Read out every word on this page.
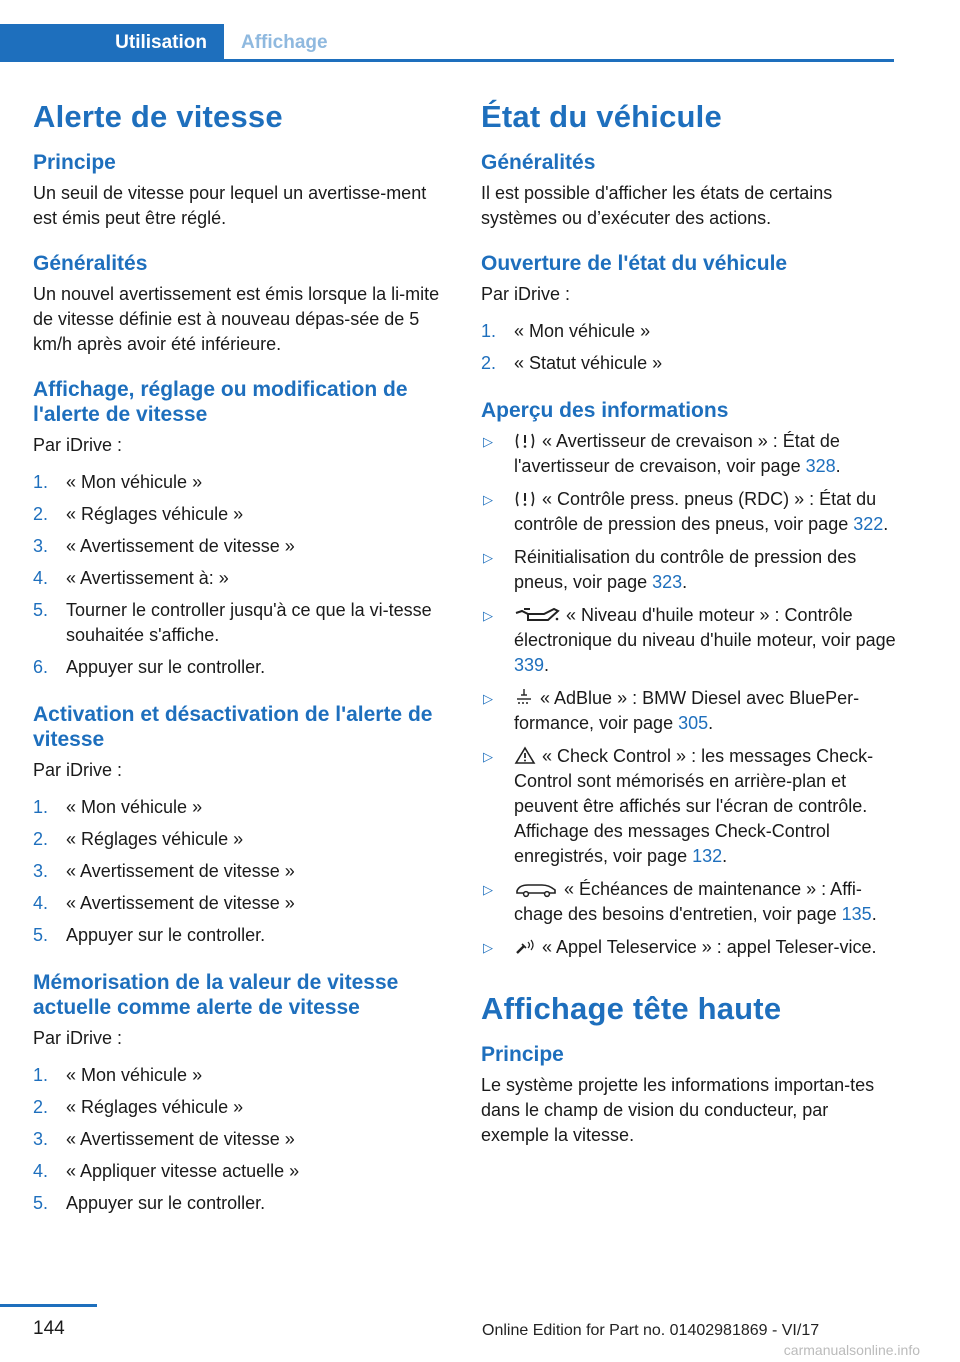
Utilisation	Affichage
Alerte de vitesse
Principe

Un seuil de vitesse pour lequel un avertisse‐ment est émis peut être réglé.

Généralités

Un nouvel avertissement est émis lorsque la li‐mite de vitesse définie est à nouveau dépas‐sée de 5 km/h après avoir été inférieure.

Affichage, réglage ou modification de l'alerte de vitesse

Par iDrive :

1. « Mon véhicule »
2. « Réglages véhicule »
3. « Avertissement de vitesse »
4. « Avertissement à: »
5. Tourner le controller jusqu'à ce que la vi‐tesse souhaitée s'affiche.
6. Appuyer sur le controller.
Activation et désactivation de l'alerte de vitesse

Par iDrive :

1. « Mon véhicule »
2. « Réglages véhicule »
3. « Avertissement de vitesse »
4. « Avertissement de vitesse »
5. Appuyer sur le controller.
Mémorisation de la valeur de vitesse actuelle comme alerte de vitesse

Par iDrive :

1. « Mon véhicule »
2. « Réglages véhicule »
3. « Avertissement de vitesse »
4. « Appliquer vitesse actuelle »
5. Appuyer sur le controller.
État du véhicule
Généralités

Il est possible d'afficher les états de certains systèmes ou d’exécuter des actions.

Ouverture de l'état du véhicule

Par iDrive :

1. « Mon véhicule »
2. « Statut véhicule »
Aperçu des informations
▷	« Avertisseur de crevaison » : État de l'avertisseur de crevaison, voir page 328.
▷	« Contrôle press. pneus (RDC) » : État du contrôle de pression des pneus, voir page 322.
▷ Réinitialisation du contrôle de pression des pneus, voir page 323.
▷	« Niveau d'huile moteur » : Contrôle électronique du niveau d'huile moteur, voir page 339.
▷	« AdBlue » : BMW Diesel avec BluePer‐formance, voir page 305.
▷	« Check Control » : les messages Check-Control sont mémorisés en arrière-plan et peuvent être affichés sur l'écran de contrôle. Affichage des messages Check-Control enregistrés, voir page 132.
▷	« Échéances de maintenance » : Affi‐chage des besoins d'entretien, voir page 135.
▷	« Appel Teleservice » : appel Teleser‐vice.
Affichage tête haute
Principe

Le système projette les informations importan‐tes dans le champ de vision du conducteur, par exemple la vitesse.

144	Online Edition for Part no. 01402981869 - VI/17
carmanualsonline.info
